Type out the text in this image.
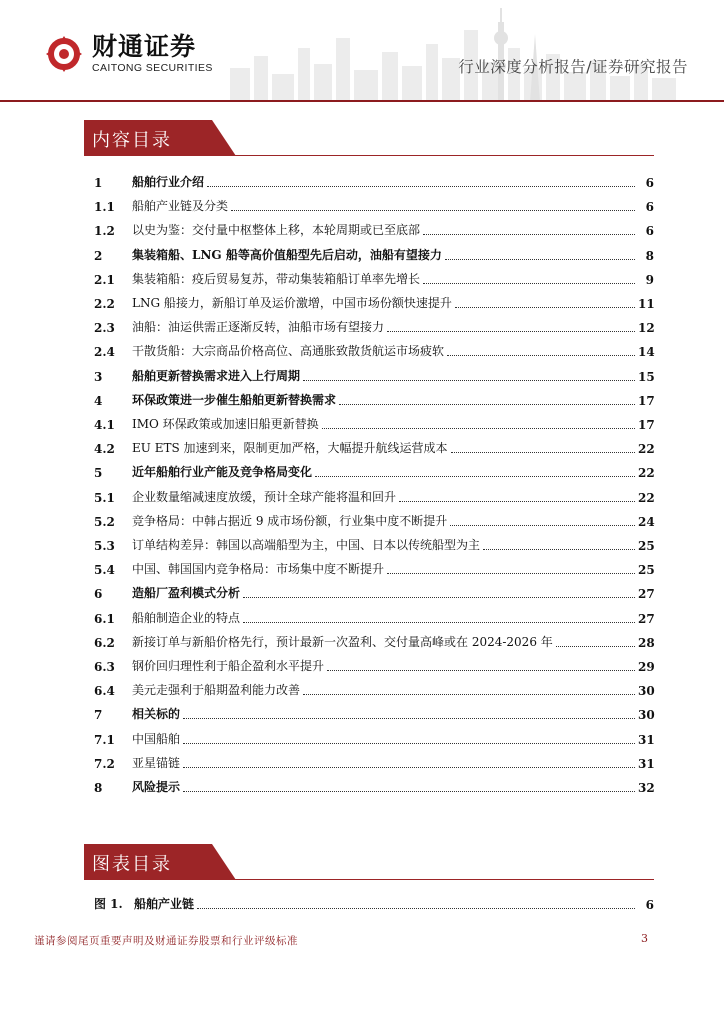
财通证券
CAITONG SECURITIES	行业深度分析报告/证券研究报告
内容目录
1	船舶行业介绍	6
1.1	船舶产业链及分类	6
1.2	以史为鉴：交付量中枢整体上移，本轮周期或已至底部	6
2	集装箱船、LNG 船等高价值船型先后启动，油船有望接力	8
2.1	集装箱船：疫后贸易复苏，带动集装箱船订单率先增长	9
2.2	LNG 船接力，新船订单及运价激增，中国市场份额快速提升	11
2.3	油船：油运供需正逐渐反转，油船市场有望接力	12
2.4	干散货船：大宗商品价格高位、高通胀致散货航运市场疲软	14
3	船舶更新替换需求进入上行周期	15
4	环保政策进一步催生船舶更新替换需求	17
4.1	IMO 环保政策或加速旧船更新替换	17
4.2	EU ETS 加速到来，限制更加严格，大幅提升航线运营成本	22
5	近年船舶行业产能及竞争格局变化	22
5.1	企业数量缩减速度放缓，预计全球产能将温和回升	22
5.2	竞争格局：中韩占据近 9 成市场份额，行业集中度不断提升	24
5.3	订单结构差异：韩国以高端船型为主，中国、日本以传统船型为主	25
5.4	中国、韩国国内竞争格局：市场集中度不断提升	25
6	造船厂盈利模式分析	27
6.1	船舶制造企业的特点	27
6.2	新接订单与新船价格先行，预计最新一次盈利、交付量高峰或在 2024-2026 年	28
6.3	钢价回归理性利于船企盈利水平提升	29
6.4	美元走强利于船期盈利能力改善	30
7	相关标的	30
7.1	中国船舶	31
7.2	亚星锚链	31
8	风险提示	32
图表目录
图 1. 船舶产业链	6
谨请参阅尾页重要声明及财通证券股票和行业评级标准	3
